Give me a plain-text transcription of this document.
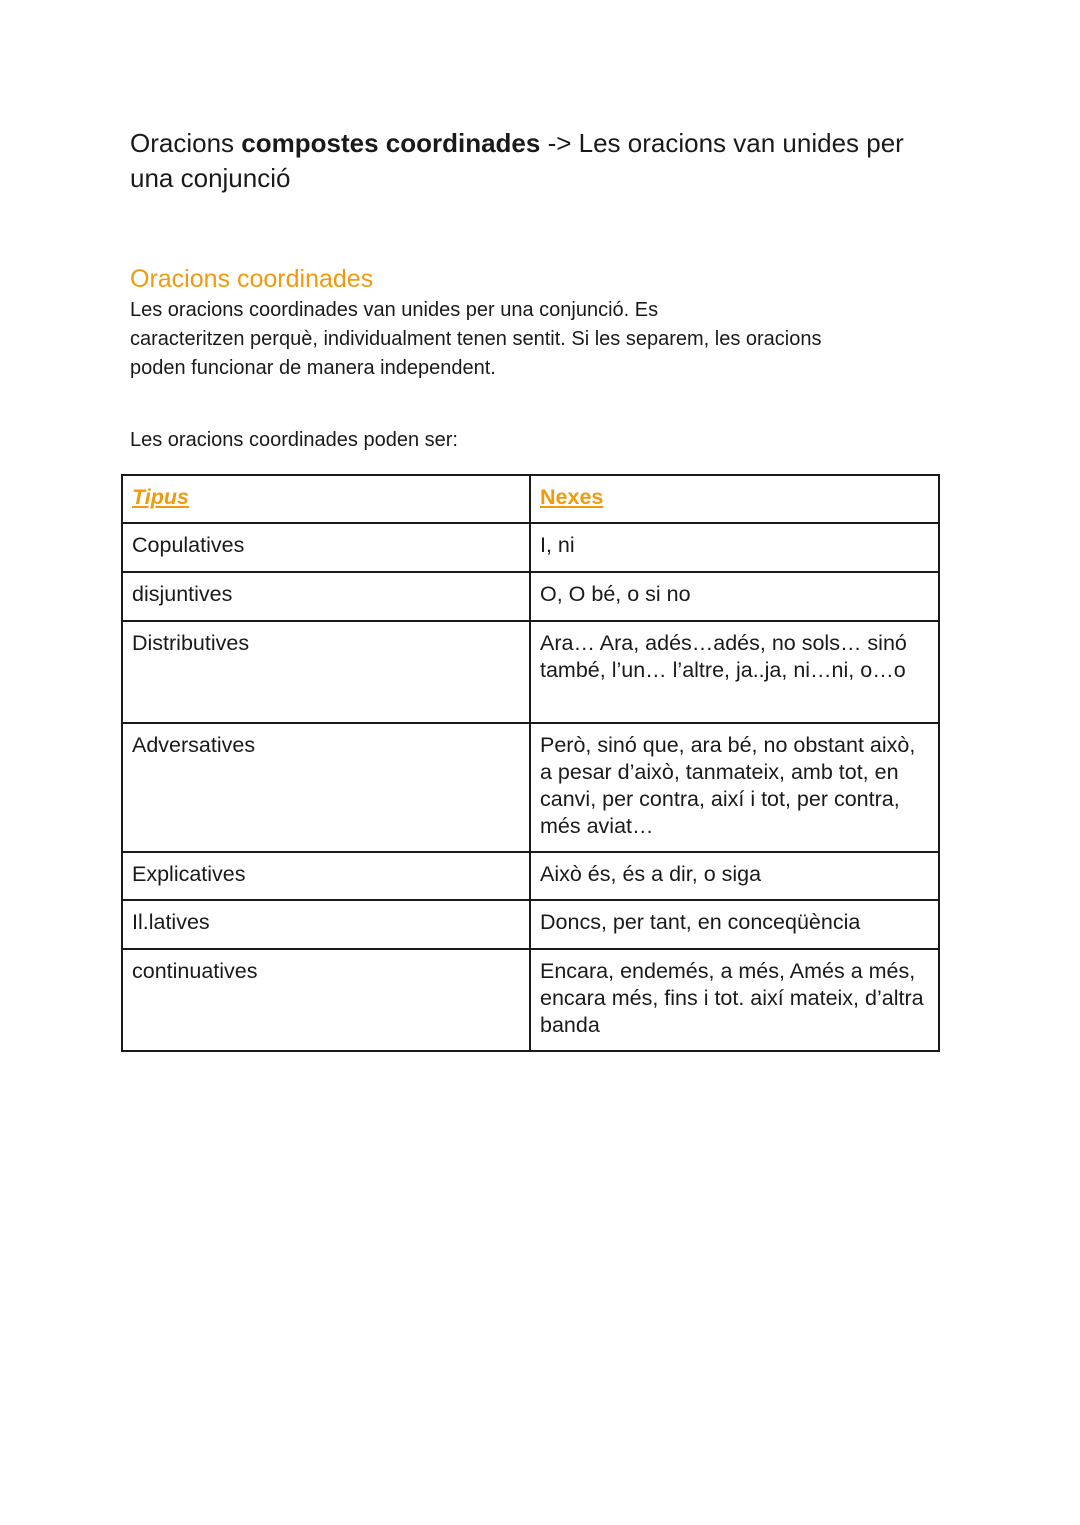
Oracions compostes coordinades -> Les oracions van unides per una conjunció
Oracions coordinades

Les oracions coordinades van unides per una conjunció. Es
caracteritzen perquè, individualment tenen sentit. Si les separem, les oracions
poden funcionar de manera independent.

Les oracions coordinades poden ser:

Tipus	Nexes
Copulatives	I, ni
disjuntives	O, O bé, o si no
Distributives	Ara… Ara, adés…adés, no sols… sinó també, l’un… l’altre, ja..ja, ni…ni, o…o
Adversatives	Però, sinó que, ara bé, no obstant això, a pesar d’això, tanmateix, amb tot, en canvi, per contra, així i tot, per contra, més aviat…
Explicatives	Això és, és a dir, o siga
Il.latives	Doncs, per tant, en conceqüència
continuatives	Encara, endemés, a més, Amés a més, encara més, fins i tot. així mateix, d’altra banda
